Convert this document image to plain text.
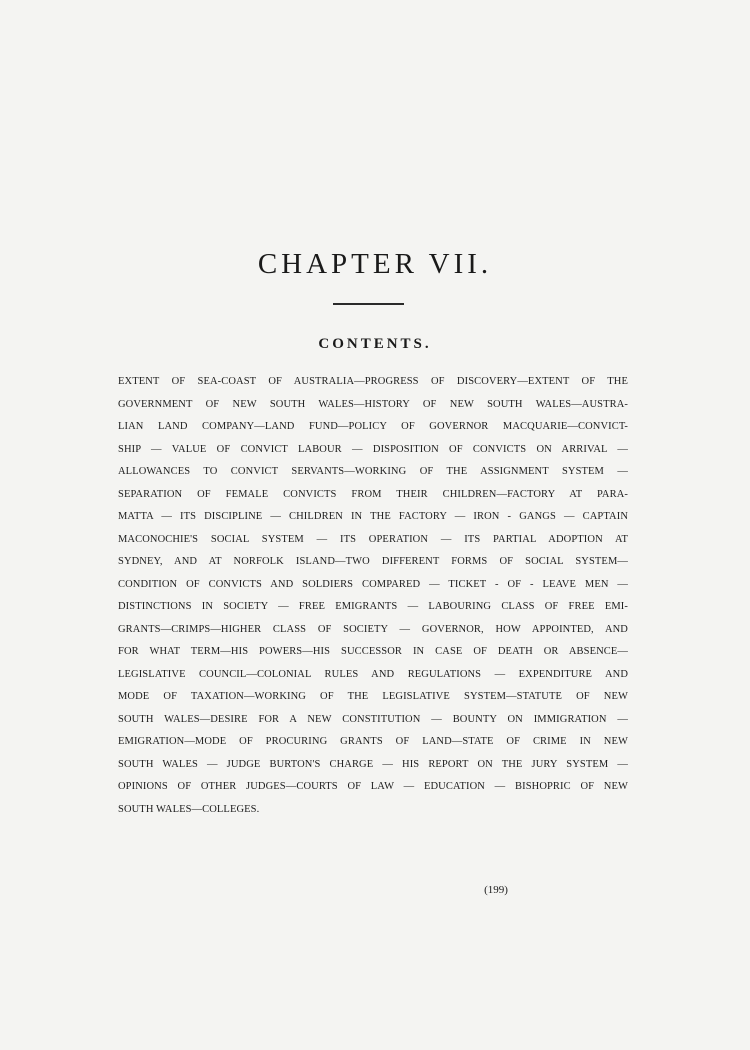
CHAPTER VII.
CONTENTS.
EXTENT OF SEA-COAST OF AUSTRALIA—PROGRESS OF DISCOVERY—EXTENT OF THE
GOVERNMENT OF NEW SOUTH WALES—HISTORY OF NEW SOUTH WALES—AUSTRA-
LIAN LAND COMPANY—LAND FUND—POLICY OF GOVERNOR MACQUARIE—CONVICT-
SHIP — VALUE OF CONVICT LABOUR — DISPOSITION OF CONVICTS ON ARRIVAL —
ALLOWANCES TO CONVICT SERVANTS—WORKING OF THE ASSIGNMENT SYSTEM —
SEPARATION OF FEMALE CONVICTS FROM THEIR CHILDREN—FACTORY AT PARA-
MATTA — ITS DISCIPLINE — CHILDREN IN THE FACTORY — IRON - GANGS — CAPTAIN
MACONOCHIE'S SOCIAL SYSTEM — ITS OPERATION — ITS PARTIAL ADOPTION AT
SYDNEY, AND AT NORFOLK ISLAND—TWO DIFFERENT FORMS OF SOCIAL SYSTEM—
CONDITION OF CONVICTS AND SOLDIERS COMPARED — TICKET - OF - LEAVE MEN —
DISTINCTIONS IN SOCIETY — FREE EMIGRANTS — LABOURING CLASS OF FREE EMI-
GRANTS—CRIMPS—HIGHER CLASS OF SOCIETY — GOVERNOR, HOW APPOINTED, AND
FOR WHAT TERM—HIS POWERS—HIS SUCCESSOR IN CASE OF DEATH OR ABSENCE—
LEGISLATIVE COUNCIL—COLONIAL RULES AND REGULATIONS — EXPENDITURE AND
MODE OF TAXATION—WORKING OF THE LEGISLATIVE SYSTEM—STATUTE OF NEW
SOUTH WALES—DESIRE FOR A NEW CONSTITUTION — BOUNTY ON IMMIGRATION —
EMIGRATION—MODE OF PROCURING GRANTS OF LAND—STATE OF CRIME IN NEW
SOUTH WALES — JUDGE BURTON'S CHARGE — HIS REPORT ON THE JURY SYSTEM —
OPINIONS OF OTHER JUDGES—COURTS OF LAW — EDUCATION — BISHOPRIC OF NEW
SOUTH WALES—COLLEGES.
(199)
